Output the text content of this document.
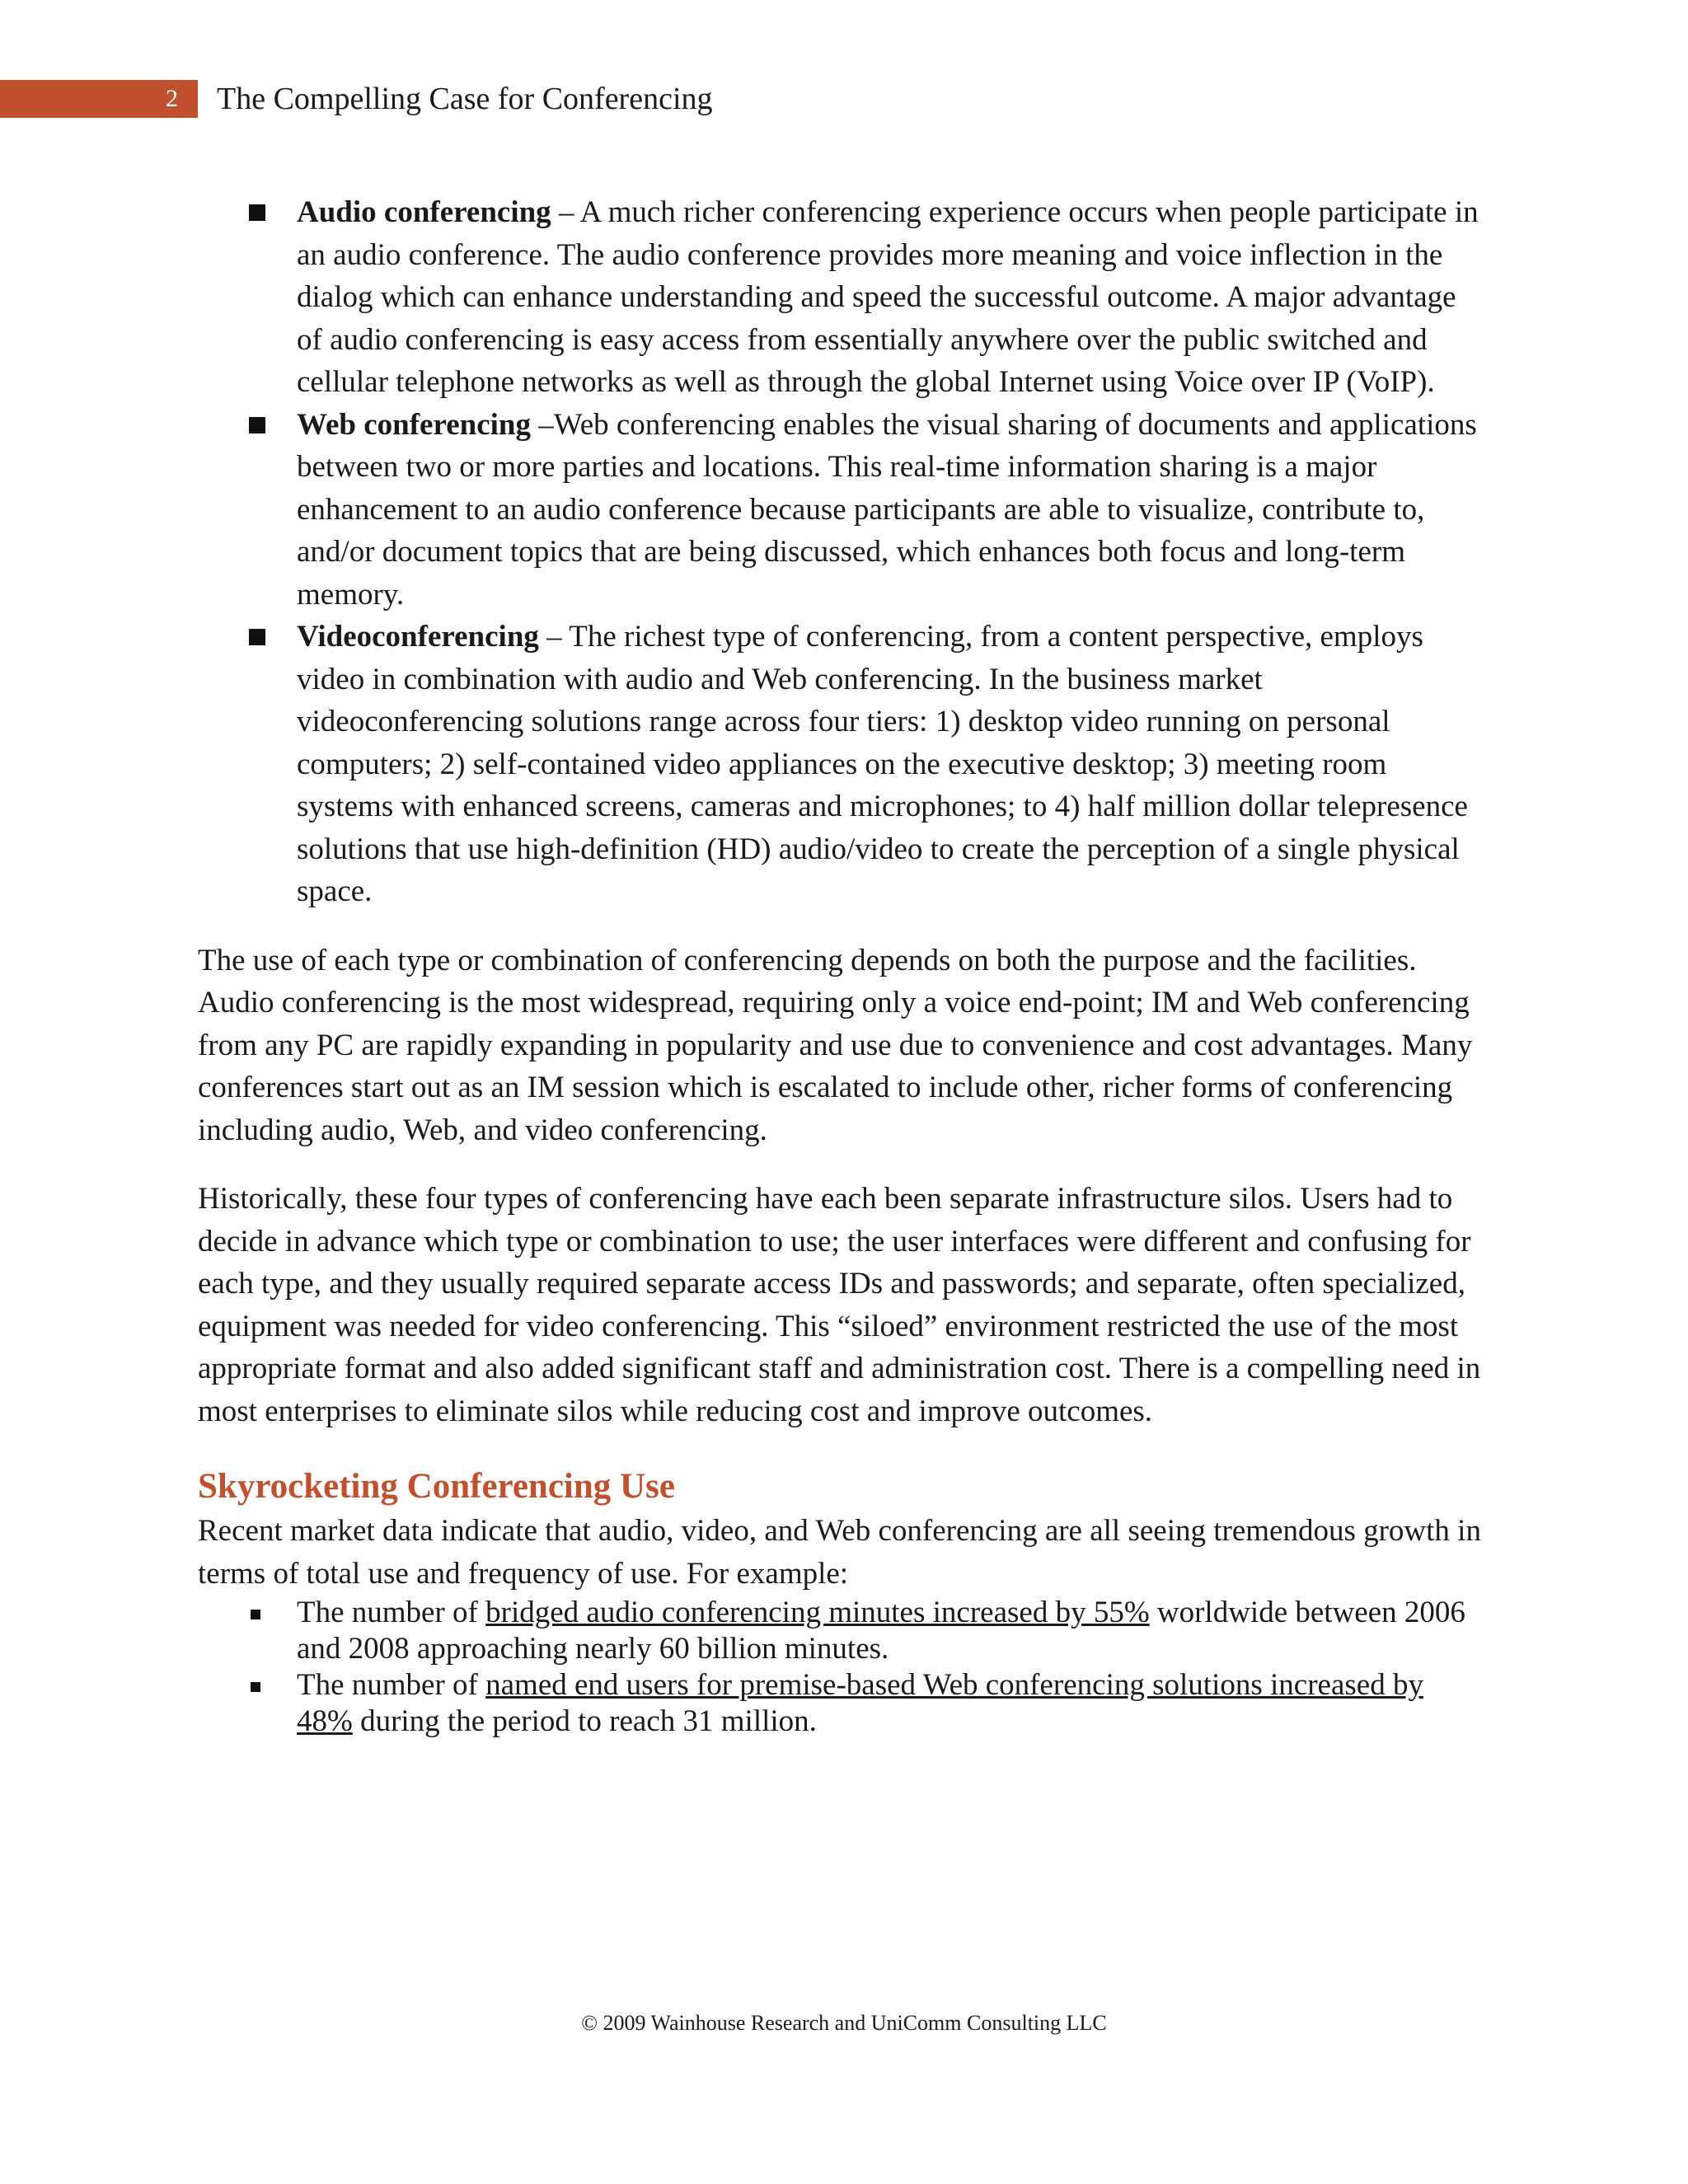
2 The Compelling Case for Conferencing
Audio conferencing – A much richer conferencing experience occurs when people participate in an audio conference. The audio conference provides more meaning and voice inflection in the dialog which can enhance understanding and speed the successful outcome. A major advantage of audio conferencing is easy access from essentially anywhere over the public switched and cellular telephone networks as well as through the global Internet using Voice over IP (VoIP).
Web conferencing –Web conferencing enables the visual sharing of documents and applications between two or more parties and locations. This real-time information sharing is a major enhancement to an audio conference because participants are able to visualize, contribute to, and/or document topics that are being discussed, which enhances both focus and long-term memory.
Videoconferencing – The richest type of conferencing, from a content perspective, employs video in combination with audio and Web conferencing. In the business market videoconferencing solutions range across four tiers: 1) desktop video running on personal computers; 2) self-contained video appliances on the executive desktop; 3) meeting room systems with enhanced screens, cameras and microphones; to 4) half million dollar telepresence solutions that use high-definition (HD) audio/video to create the perception of a single physical space.

The use of each type or combination of conferencing depends on both the purpose and the facilities. Audio conferencing is the most widespread, requiring only a voice end-point; IM and Web conferencing from any PC are rapidly expanding in popularity and use due to convenience and cost advantages. Many conferences start out as an IM session which is escalated to include other, richer forms of conferencing including audio, Web, and video conferencing.

Historically, these four types of conferencing have each been separate infrastructure silos. Users had to decide in advance which type or combination to use; the user interfaces were different and confusing for each type, and they usually required separate access IDs and passwords; and separate, often specialized, equipment was needed for video conferencing. This “siloed” environment restricted the use of the most appropriate format and also added significant staff and administration cost. There is a compelling need in most enterprises to eliminate silos while reducing cost and improve outcomes.

Skyrocketing Conferencing Use

Recent market data indicate that audio, video, and Web conferencing are all seeing tremendous growth in terms of total use and frequency of use. For example:

The number of bridged audio conferencing minutes increased by 55% worldwide between 2006 and 2008 approaching nearly 60 billion minutes.
The number of named end users for premise-based Web conferencing solutions increased by 48% during the period to reach 31 million.
© 2009 Wainhouse Research and UniComm Consulting LLC
